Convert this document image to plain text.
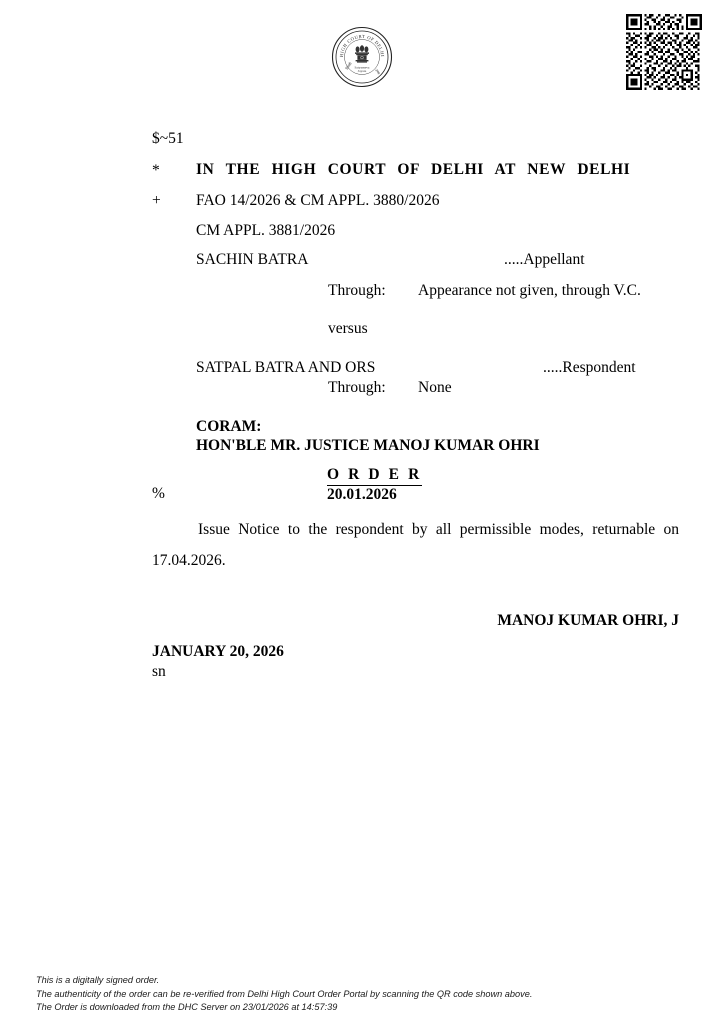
HIGH COURT OF DELHI
Satyameva
Jayate
दिल्ली
उच्च
$~51
* IN THE HIGH COURT OF DELHI AT NEW DELHI
+ FAO 14/2026 & CM APPL. 3880/2026
CM APPL. 3881/2026
SACHIN BATRA	.....Appellant
Through: Appearance not given, through V.C.
versus
SATPAL BATRA AND ORS	.....Respondent
Through: None
CORAM:
HON'BLE MR. JUSTICE MANOJ KUMAR OHRI
%
O R D E R
20.01.2026
Issue Notice to the respondent by all permissible modes, returnable on 17.04.2026.
MANOJ KUMAR OHRI, J
JANUARY 20, 2026
sn
This is a digitally signed order.
The authenticity of the order can be re-verified from Delhi High Court Order Portal by scanning the QR code shown above.
The Order is downloaded from the DHC Server on 23/01/2026 at 14:57:39
